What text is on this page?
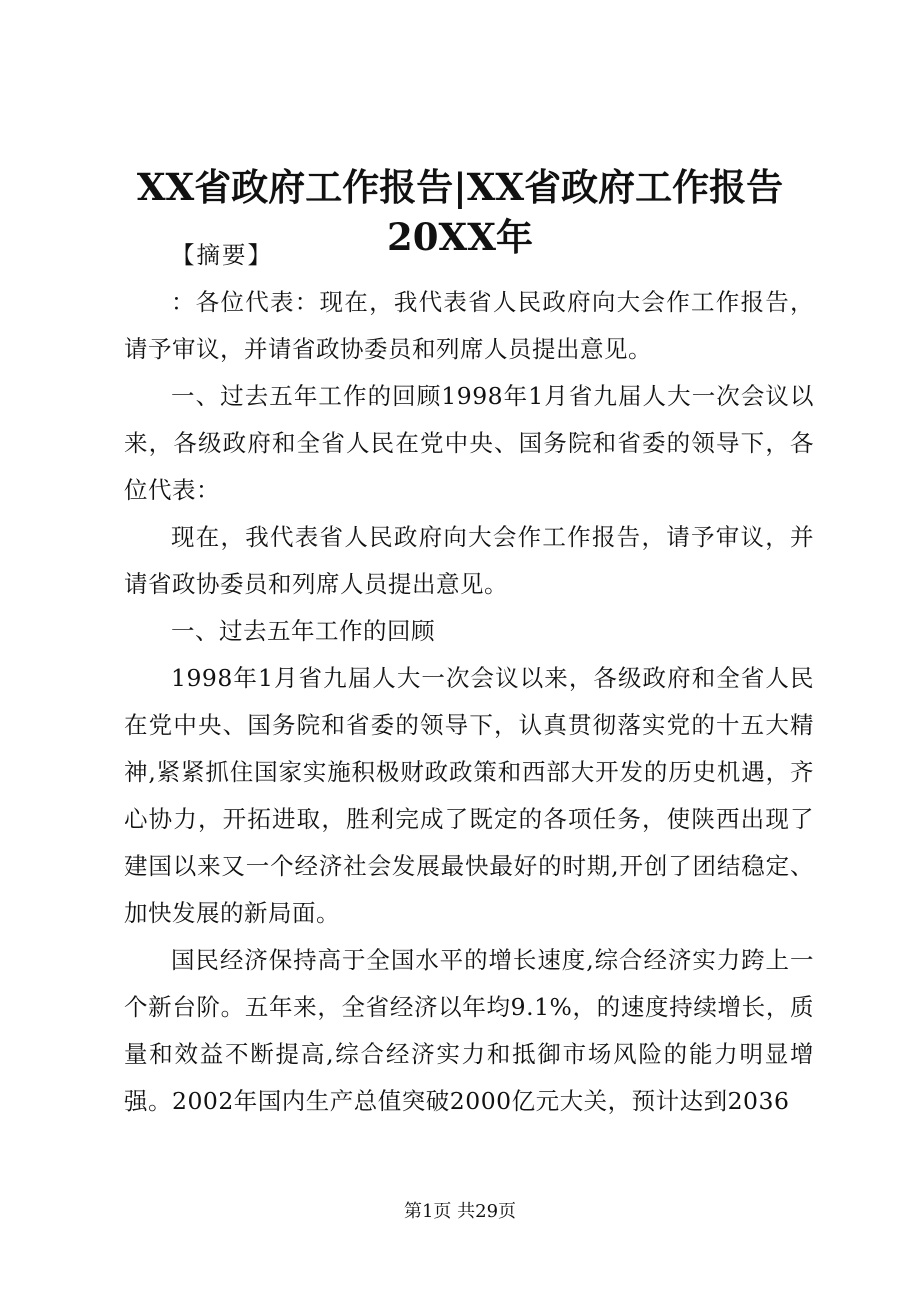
XX省政府工作报告|XX省政府工作报告20XX年

【摘要】

：各位代表：现在，我代表省人民政府向大会作工作报告，请予审议，并请省政协委员和列席人员提出意见。

一、过去五年工作的回顾1998年1月省九届人大一次会议以来，各级政府和全省人民在党中央、国务院和省委的领导下，各位代表：

现在，我代表省人民政府向大会作工作报告，请予审议，并请省政协委员和列席人员提出意见。

一、过去五年工作的回顾

1998年1月省九届人大一次会议以来，各级政府和全省人民在党中央、国务院和省委的领导下，认真贯彻落实党的十五大精神,紧紧抓住国家实施积极财政政策和西部大开发的历史机遇，齐心协力，开拓进取，胜利完成了既定的各项任务，使陕西出现了建国以来又一个经济社会发展最快最好的时期,开创了团结稳定、加快发展的新局面。

国民经济保持高于全国水平的增长速度,综合经济实力跨上一个新台阶。五年来，全省经济以年均9.1%，的速度持续增长，质量和效益不断提高,综合经济实力和抵御市场风险的能力明显增强。2002年国内生产总值突破2000亿元大关，预计达到2036

第1页 共29页
